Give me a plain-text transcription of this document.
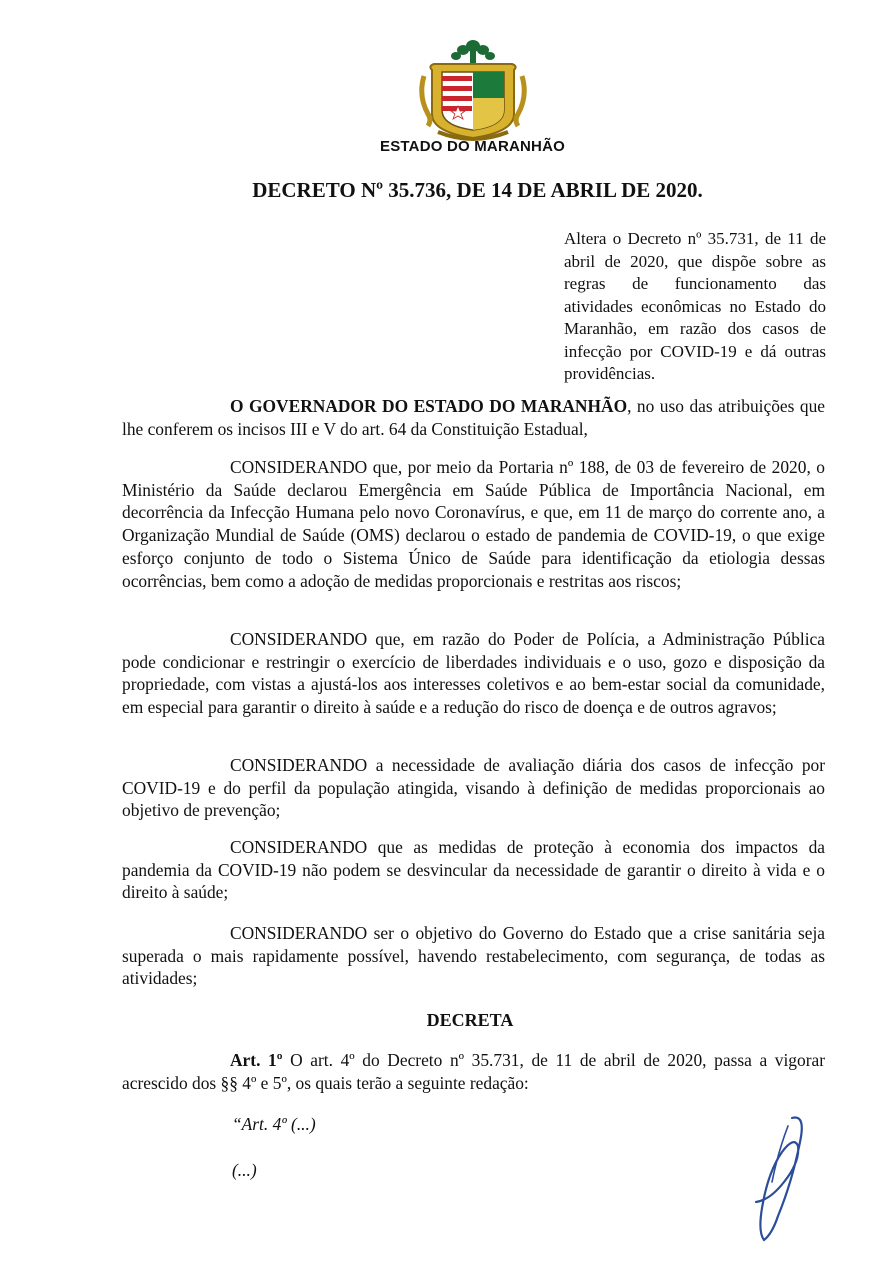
ESTADO DO MARANHÃO
DECRETO Nº 35.736, DE 14 DE ABRIL DE 2020.
Altera o Decreto nº 35.731, de 11 de abril de 2020, que dispõe sobre as regras de funcionamento das atividades econômicas no Estado do Maranhão, em razão dos casos de infecção por COVID-19 e dá outras providências.
O GOVERNADOR DO ESTADO DO MARANHÃO, no uso das atribuições que lhe conferem os incisos III e V do art. 64 da Constituição Estadual,
CONSIDERANDO que, por meio da Portaria nº 188, de 03 de fevereiro de 2020, o Ministério da Saúde declarou Emergência em Saúde Pública de Importância Nacional, em decorrência da Infecção Humana pelo novo Coronavírus, e que, em 11 de março do corrente ano, a Organização Mundial de Saúde (OMS) declarou o estado de pandemia de COVID-19, o que exige esforço conjunto de todo o Sistema Único de Saúde para identificação da etiologia dessas ocorrências, bem como a adoção de medidas proporcionais e restritas aos riscos;
CONSIDERANDO que, em razão do Poder de Polícia, a Administração Pública pode condicionar e restringir o exercício de liberdades individuais e o uso, gozo e disposição da propriedade, com vistas a ajustá-los aos interesses coletivos e ao bem-estar social da comunidade, em especial para garantir o direito à saúde e a redução do risco de doença e de outros agravos;
CONSIDERANDO a necessidade de avaliação diária dos casos de infecção por COVID-19 e do perfil da população atingida, visando à definição de medidas proporcionais ao objetivo de prevenção;
CONSIDERANDO que as medidas de proteção à economia dos impactos da pandemia da COVID-19 não podem se desvincular da necessidade de garantir o direito à vida e o direito à saúde;
CONSIDERANDO ser o objetivo do Governo do Estado que a crise sanitária seja superada o mais rapidamente possível, havendo restabelecimento, com segurança, de todas as atividades;
DECRETA
Art. 1º O art. 4º do Decreto nº 35.731, de 11 de abril de 2020, passa a vigorar acrescido dos §§ 4º e 5º, os quais terão a seguinte redação:
“Art. 4º (...)
(...)
